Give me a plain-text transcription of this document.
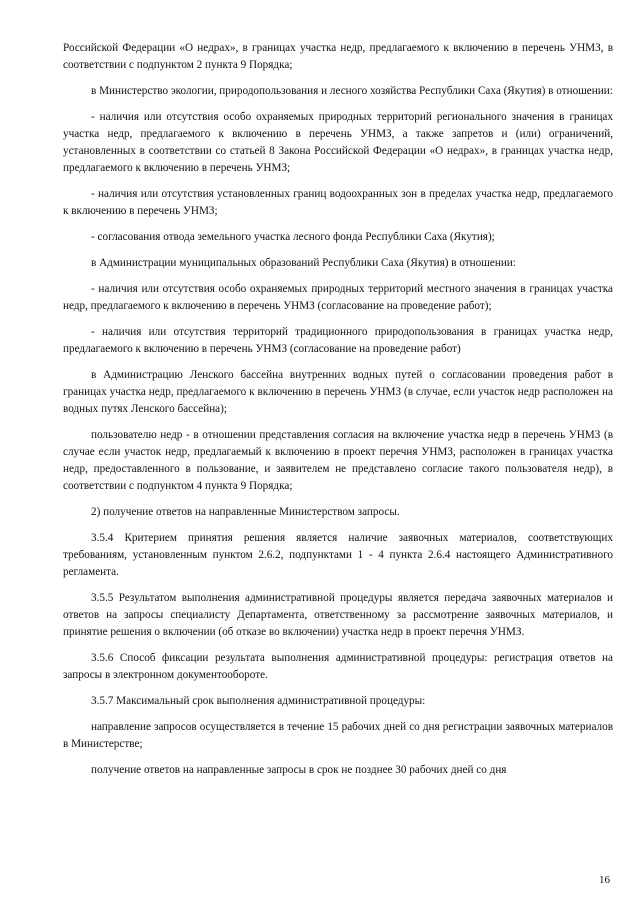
Российской Федерации «О недрах», в границах участка недр, предлагаемого к включению в перечень УНМЗ, в соответствии с подпунктом 2 пункта 9 Порядка;

в Министерство экологии, природопользования и лесного хозяйства Республики Саха (Якутия) в отношении:

- наличия или отсутствия особо охраняемых природных территорий регионального значения в границах участка недр, предлагаемого к включению в перечень УНМЗ, а также запретов и (или) ограничений, установленных в соответствии со статьей 8 Закона Российской Федерации «О недрах», в границах участка недр, предлагаемого к включению в перечень УНМЗ;

- наличия или отсутствия установленных границ водоохранных зон в пределах участка недр, предлагаемого к включению в перечень УНМЗ;

- согласования отвода земельного участка лесного фонда Республики Саха (Якутия);

в Администрации муниципальных образований Республики Саха (Якутия) в отношении:

- наличия или отсутствия особо охраняемых природных территорий местного значения в границах участка недр, предлагаемого к включению в перечень УНМЗ (согласование на проведение работ);

- наличия или отсутствия территорий традиционного природопользования в границах участка недр, предлагаемого к включению в перечень УНМЗ (согласование на проведение работ)

в Администрацию Ленского бассейна внутренних водных путей о согласовании проведения работ в границах участка недр, предлагаемого к включению в перечень УНМЗ (в случае, если участок недр расположен на водных путях Ленского бассейна);

пользователю недр - в отношении представления согласия на включение участка недр в перечень УНМЗ (в случае если участок недр, предлагаемый к включению в проект перечня УНМЗ, расположен в границах участка недр, предоставленного в пользование, и заявителем не представлено согласие такого пользователя недр), в соответствии с подпунктом 4 пункта 9 Порядка;

2) получение ответов на направленные Министерством запросы.

3.5.4 Критерием принятия решения является наличие заявочных материалов, соответствующих требованиям, установленным пунктом 2.6.2, подпунктами 1 - 4 пункта 2.6.4 настоящего Административного регламента.

3.5.5 Результатом выполнения административной процедуры является передача заявочных материалов и ответов на запросы специалисту Департамента, ответственному за рассмотрение заявочных материалов, и принятие решения о включении (об отказе во включении) участка недр в проект перечня УНМЗ.

3.5.6 Способ фиксации результата выполнения административной процедуры: регистрация ответов на запросы в электронном документообороте.

3.5.7 Максимальный срок выполнения административной процедуры:

направление запросов осуществляется в течение 15 рабочих дней со дня регистрации заявочных материалов в Министерстве;

получение ответов на направленные запросы в срок не позднее 30 рабочих дней со дня

16
